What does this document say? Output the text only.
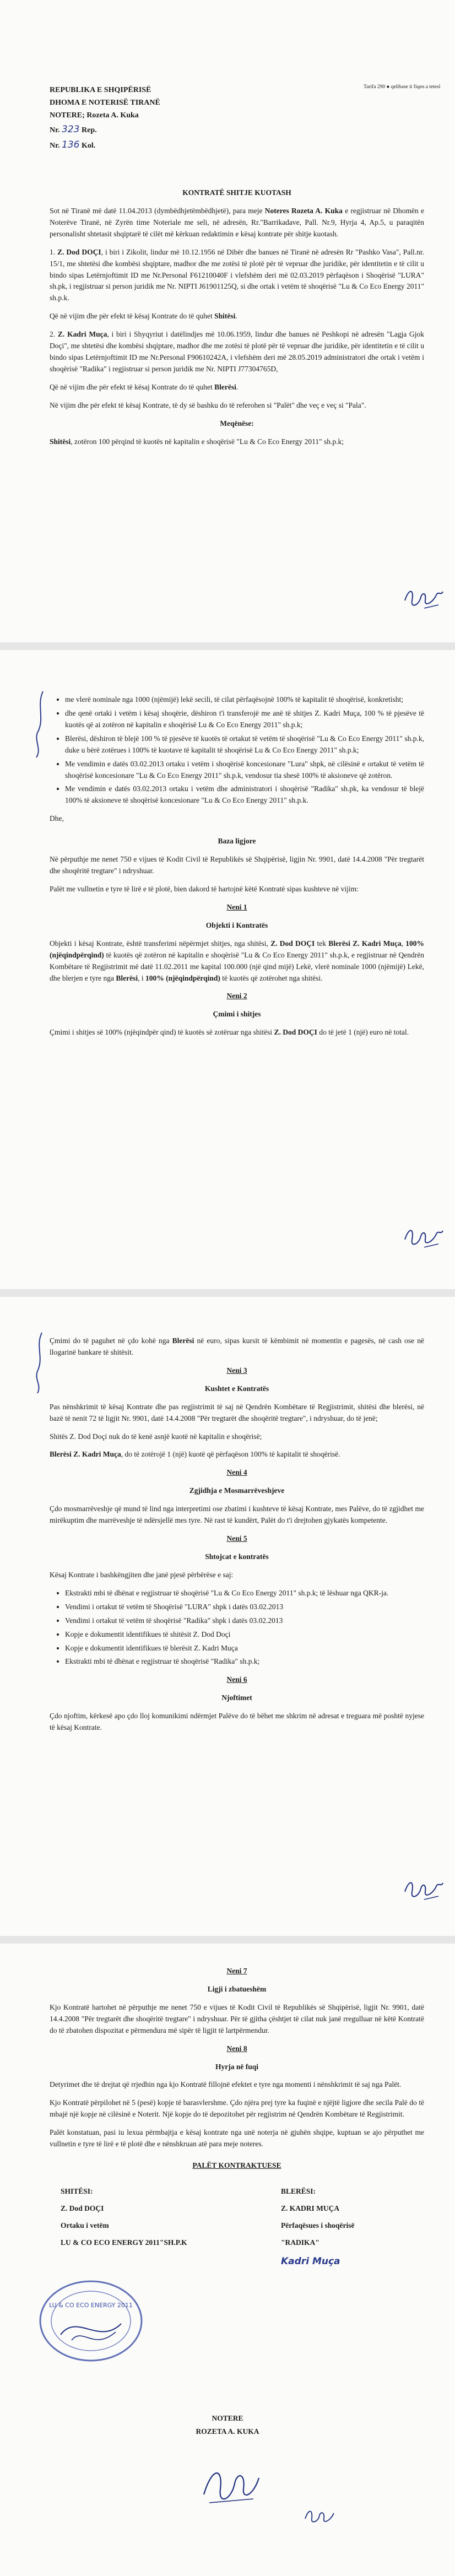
REPUBLIKA E SHQIPËRISË
DHOMA E NOTERISË TIRANË
NOTERE; Rozeta A. Kuka
Nr. 323 Rep.
Nr. 136 Kol.
Tarifa 290 ● qelibase it fiqen a tetesl

KONTRATË SHITJE KUOTASH

Sot në Tiranë më datë 11.04.2013 (dymbëdhjetëmbëdhjetë), para meje Noteres Rozeta A. Kuka e regjistruar në Dhomën e Noterëve Tiranë, në Zyrën time Noteriale me seli, në adresën, Rr."Barrikadave, Pall. Nr.9, Hyrja 4, Ap.5, u paraqitën personalisht shtetasit shqiptarë të cilët më kërkuan redaktimin e kësaj kontrate për shitje kuotash.

1. Z. Dod DOÇI, i biri i Zikolit, lindur më 10.12.1956 në Dibër dhe banues në Tiranë në adresën Rr "Pashko Vasa", Pall.nr. 15/1, me shtetësi dhe kombësi shqiptare, madhor dhe me zotësi të plotë për të vepruar dhe juridike, për identitetin e të cilit u bindo sipas Letërnjoftimit ID me Nr.Personal F61210040F i vlefshëm deri më 02.03.2019 përfaqëson i Shoqërisë "LURA" sh.pk, i regjistruar si person juridik me Nr. NIPTI J61901125Q, si dhe ortak i vetëm të shoqërisë "Lu & Co Eco Energy 2011" sh.p.k.

Që në vijim dhe për efekt të kësaj Kontrate do të quhet Shitësi.

2. Z. Kadri Muça, i biri i Shyqyriut i datëlindjes më 10.06.1959, lindur dhe banues në Peshkopi në adresën "Lagja Gjok Doçi", me shtetësi dhe kombësi shqiptare, madhor dhe me zotësi të plotë për të vepruar dhe juridike, për identitetin e të cilit u bindo sipas Letërnjoftimit ID me Nr.Personal F90610242A, i vlefshëm deri më 28.05.2019 administratori dhe ortak i vetëm i shoqërisë "Radika" i regjistruar si person juridik me Nr. NIPTI J77304765D,

Që në vijim dhe për efekt të kësaj Kontrate do të quhet Blerësi.

Në vijim dhe për efekt të kësaj Kontrate, të dy së bashku do të referohen si "Palët" dhe veç e veç si "Pala".

Meqënëse:

Shitësi, zotëron 100 përqind të kuotës në kapitalin e shoqërisë "Lu & Co Eco Energy 2011" sh.p.k;

• me vlerë nominale nga 1000 (njëmijë) lekë secili, të cilat përfaqësojnë 100% të kapitalit të shoqërisë, konkretisht;
• dhe qenë ortaki i vetëm i kësaj shoqërie, dëshiron t'i transferojë me anë të shitjes Z. Kadri Muça, 100 % të pjesëve të kuotës që ai zotëron në kapitalin e shoqërisë Lu & Co Eco Energy 2011" sh.p.k;
• Blerësi, dëshiron të blejë 100 % të pjesëve të kuotës të ortakut të vetëm të shoqërisë "Lu & Co Eco Energy 2011" sh.p.k, duke u bërë zotërues i 100% të kuotave të kapitalit të shoqërisë Lu & Co Eco Energy 2011" sh.p.k;
• Me vendimin e datës 03.02.2013 ortaku i vetëm i shoqërisë koncesionare "Lura" shpk, në cilësinë e ortakut të vetëm të shoqërisë koncesionare "Lu & Co Eco Energy 2011" sh.p.k, vendosur tia shesë 100% të aksioneve që zotëron.
• Me vendimin e datës 03.02.2013 ortaku i vetëm dhe administratori i shoqërisë "Radika" sh.pk, ka vendosur të blejë 100% të aksioneve të shoqërisë koncesionare "Lu & Co Eco Energy 2011" sh.p.k.

Dhe,

Baza ligjore

Në përputhje me nenet 750 e vijues të Kodit Civil të Republikës së Shqipërisë, ligjin Nr. 9901, datë 14.4.2008 "Për tregtarët dhe shoqëritë tregtare" i ndryshuar.

Palët me vullnetin e tyre të lirë e të plotë, bien dakord të hartojnë këtë Kontratë sipas kushteve në vijim:

Neni 1

Objekti i Kontratës

Objekti i kësaj Kontrate, është transferimi nëpërmjet shitjes, nga shitësi, Z. Dod DOÇI tek Blerësi Z. Kadri Muça, 100% (njëqindpërqind) të kuotës që zotëron në kapitalin e shoqërisë "Lu & Co Eco Energy 2011" sh.p.k, e regjistruar në Qendrën Kombëtare të Regjistrimit më datë 11.02.2011 me kapital 100.000 (një qind mijë) Lekë, vlerë nominale 1000 (njëmijë) Lekë, dhe blerjen e tyre nga Blerësi, i 100% (njëqindpërqind) të kuotës që zotërohet nga shitësi.

Neni 2

Çmimi i shitjes

Çmimi i shitjes së 100% (njëqindpër qind) të kuotës së zotëruar nga shitësi Z. Dod DOÇI do të jetë 1 (një) euro në total.

Çmimi do të paguhet në çdo kohë nga Blerësi në euro, sipas kursit të këmbimit në momentin e pagesës, në cash ose në llogarinë bankare të shitësit.

Neni 3

Kushtet e Kontratës

Pas nënshkrimit të kësaj Kontrate dhe pas regjistrimit të saj në Qendrën Kombëtare të Regjistrimit, shitësi dhe blerësi, në bazë të nenit 72 të ligjit Nr. 9901, datë 14.4.2008 "Për tregtarët dhe shoqëritë tregtare", i ndryshuar, do të jenë;

Shitës Z. Dod Doçi nuk do të kenë asnjë kuotë në kapitalin e shoqërisë;

Blerësi Z. Kadri Muça, do të zotërojë 1 (një) kuotë që përfaqëson 100% të kapitalit të shoqërisë.

Neni 4

Zgjidhja e Mosmarrëveshjeve

Çdo mosmarrëveshje që mund të lind nga interpretimi ose zbatimi i kushteve të kësaj Kontrate, mes Palëve, do të zgjidhet me mirëkuptim dhe marrëveshje të ndërsjellë mes tyre. Në rast të kundërt, Palët do t'i drejtohen gjykatës kompetente.

Neni 5

Shtojcat e kontratës

Kësaj Kontrate i bashkëngjiten dhe janë pjesë përbërëse e saj:

• Ekstrakti mbi të dhënat e regjistruar të shoqërisë "Lu & Co Eco Energy 2011" sh.p.k; të lëshuar nga QKR-ja.
• Vendimi i ortakut të vetëm të Shoqërisë "LURA" shpk i datës 03.02.2013
• Vendimi i ortakut të vetëm të shoqërisë "Radika" shpk i datës 03.02.2013
• Kopje e dokumentit identifikues të shitësit Z. Dod Doçi
• Kopje e dokumentit identifikues të blerësit Z. Kadri Muça
• Ekstrakti mbi të dhënat e regjistruar të shoqërisë "Radika" sh.p.k;

Neni 6

Njoftimet

Çdo njoftim, kërkesë apo çdo lloj komunikimi ndërmjet Palëve do të bëhet me shkrim në adresat e treguara më poshtë nyjese të kësaj Kontrate.

Neni 7

Ligji i zbatueshëm

Kjo Kontratë hartohet në përputhje me nenet 750 e vijues të Kodit Civil të Republikës së Shqipërisë, ligjit Nr. 9901, datë 14.4.2008 "Për tregtarët dhe shoqëritë tregtare" i ndryshuar. Për të gjitha çështjet të cilat nuk janë rregulluar në këtë Kontratë do të zbatohen dispozitat e përmendura më sipër të ligjit të lartpërmendur.

Neni 8

Hyrja në fuqi

Detyrimet dhe të drejtat që rrjedhin nga kjo Kontratë fillojnë efektet e tyre nga momenti i nënshkrimit të saj nga Palët.

Kjo Kontratë përpilohet në 5 (pesë) kopje të barasvlershme. Çdo njëra prej tyre ka fuqinë e njëjtë ligjore dhe secila Palë do të mbajë një kopje në cilësinë e Noterit. Një kopje do të depozitohet për regjistrim në Qendrën Kombëtare të Regjistrimit.

Palët konstatuan, pasi iu lexua përmbajtja e kësaj kontrate nga unë noterja në gjuhën shqipe, kuptuan se ajo përputhet me vullnetin e tyre të lirë e të plotë dhe e nënshkruan atë para meje noteres.

PALËT KONTRAKTUESE

SHITËSI:

Z. Dod DOÇI

Ortaku i vetëm

LU & CO ECO ENERGY 2011"SH.P.K

BLERËSI:

Z. KADRI MUÇA

Përfaqësues i shoqërisë

"RADIKA"

Kadri Muça

LU & CO ECO ENERGY 2011
NOTERE
ROZETA A. KUKA
